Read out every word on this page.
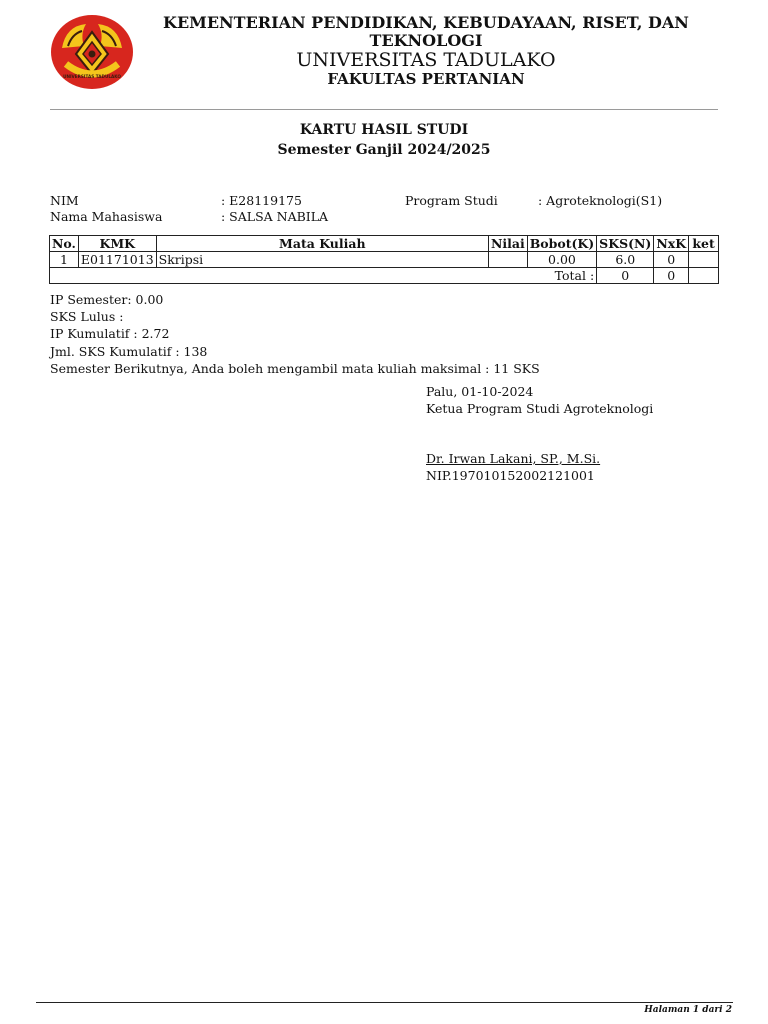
UNIVERSITAS TADULAKO
KEMENTERIAN PENDIDIKAN, KEBUDAYAAN, RISET, DAN TEKNOLOGI
UNIVERSITAS TADULAKO
FAKULTAS PERTANIAN
KARTU HASIL STUDI
Semester Ganjil 2024/2025
NIM	: E28119175	Program Studi	: Agroteknologi(S1)
Nama Mahasiswa	: SALSA NABILA
No.	KMK	Mata Kuliah	Nilai	Bobot(K)	SKS(N)	NxK	ket
1	E01171013	Skripsi		0.00	6.0	0	
Total :					0	0	
IP Semester: 0.00
SKS Lulus :
IP Kumulatif : 2.72
Jml. SKS Kumulatif : 138
Semester Berikutnya, Anda boleh mengambil mata kuliah maksimal : 11 SKS
Palu, 01-10-2024
Ketua Program Studi Agroteknologi
Dr. Irwan Lakani, SP., M.Si.
NIP.197010152002121001
Halaman 1 dari 2
